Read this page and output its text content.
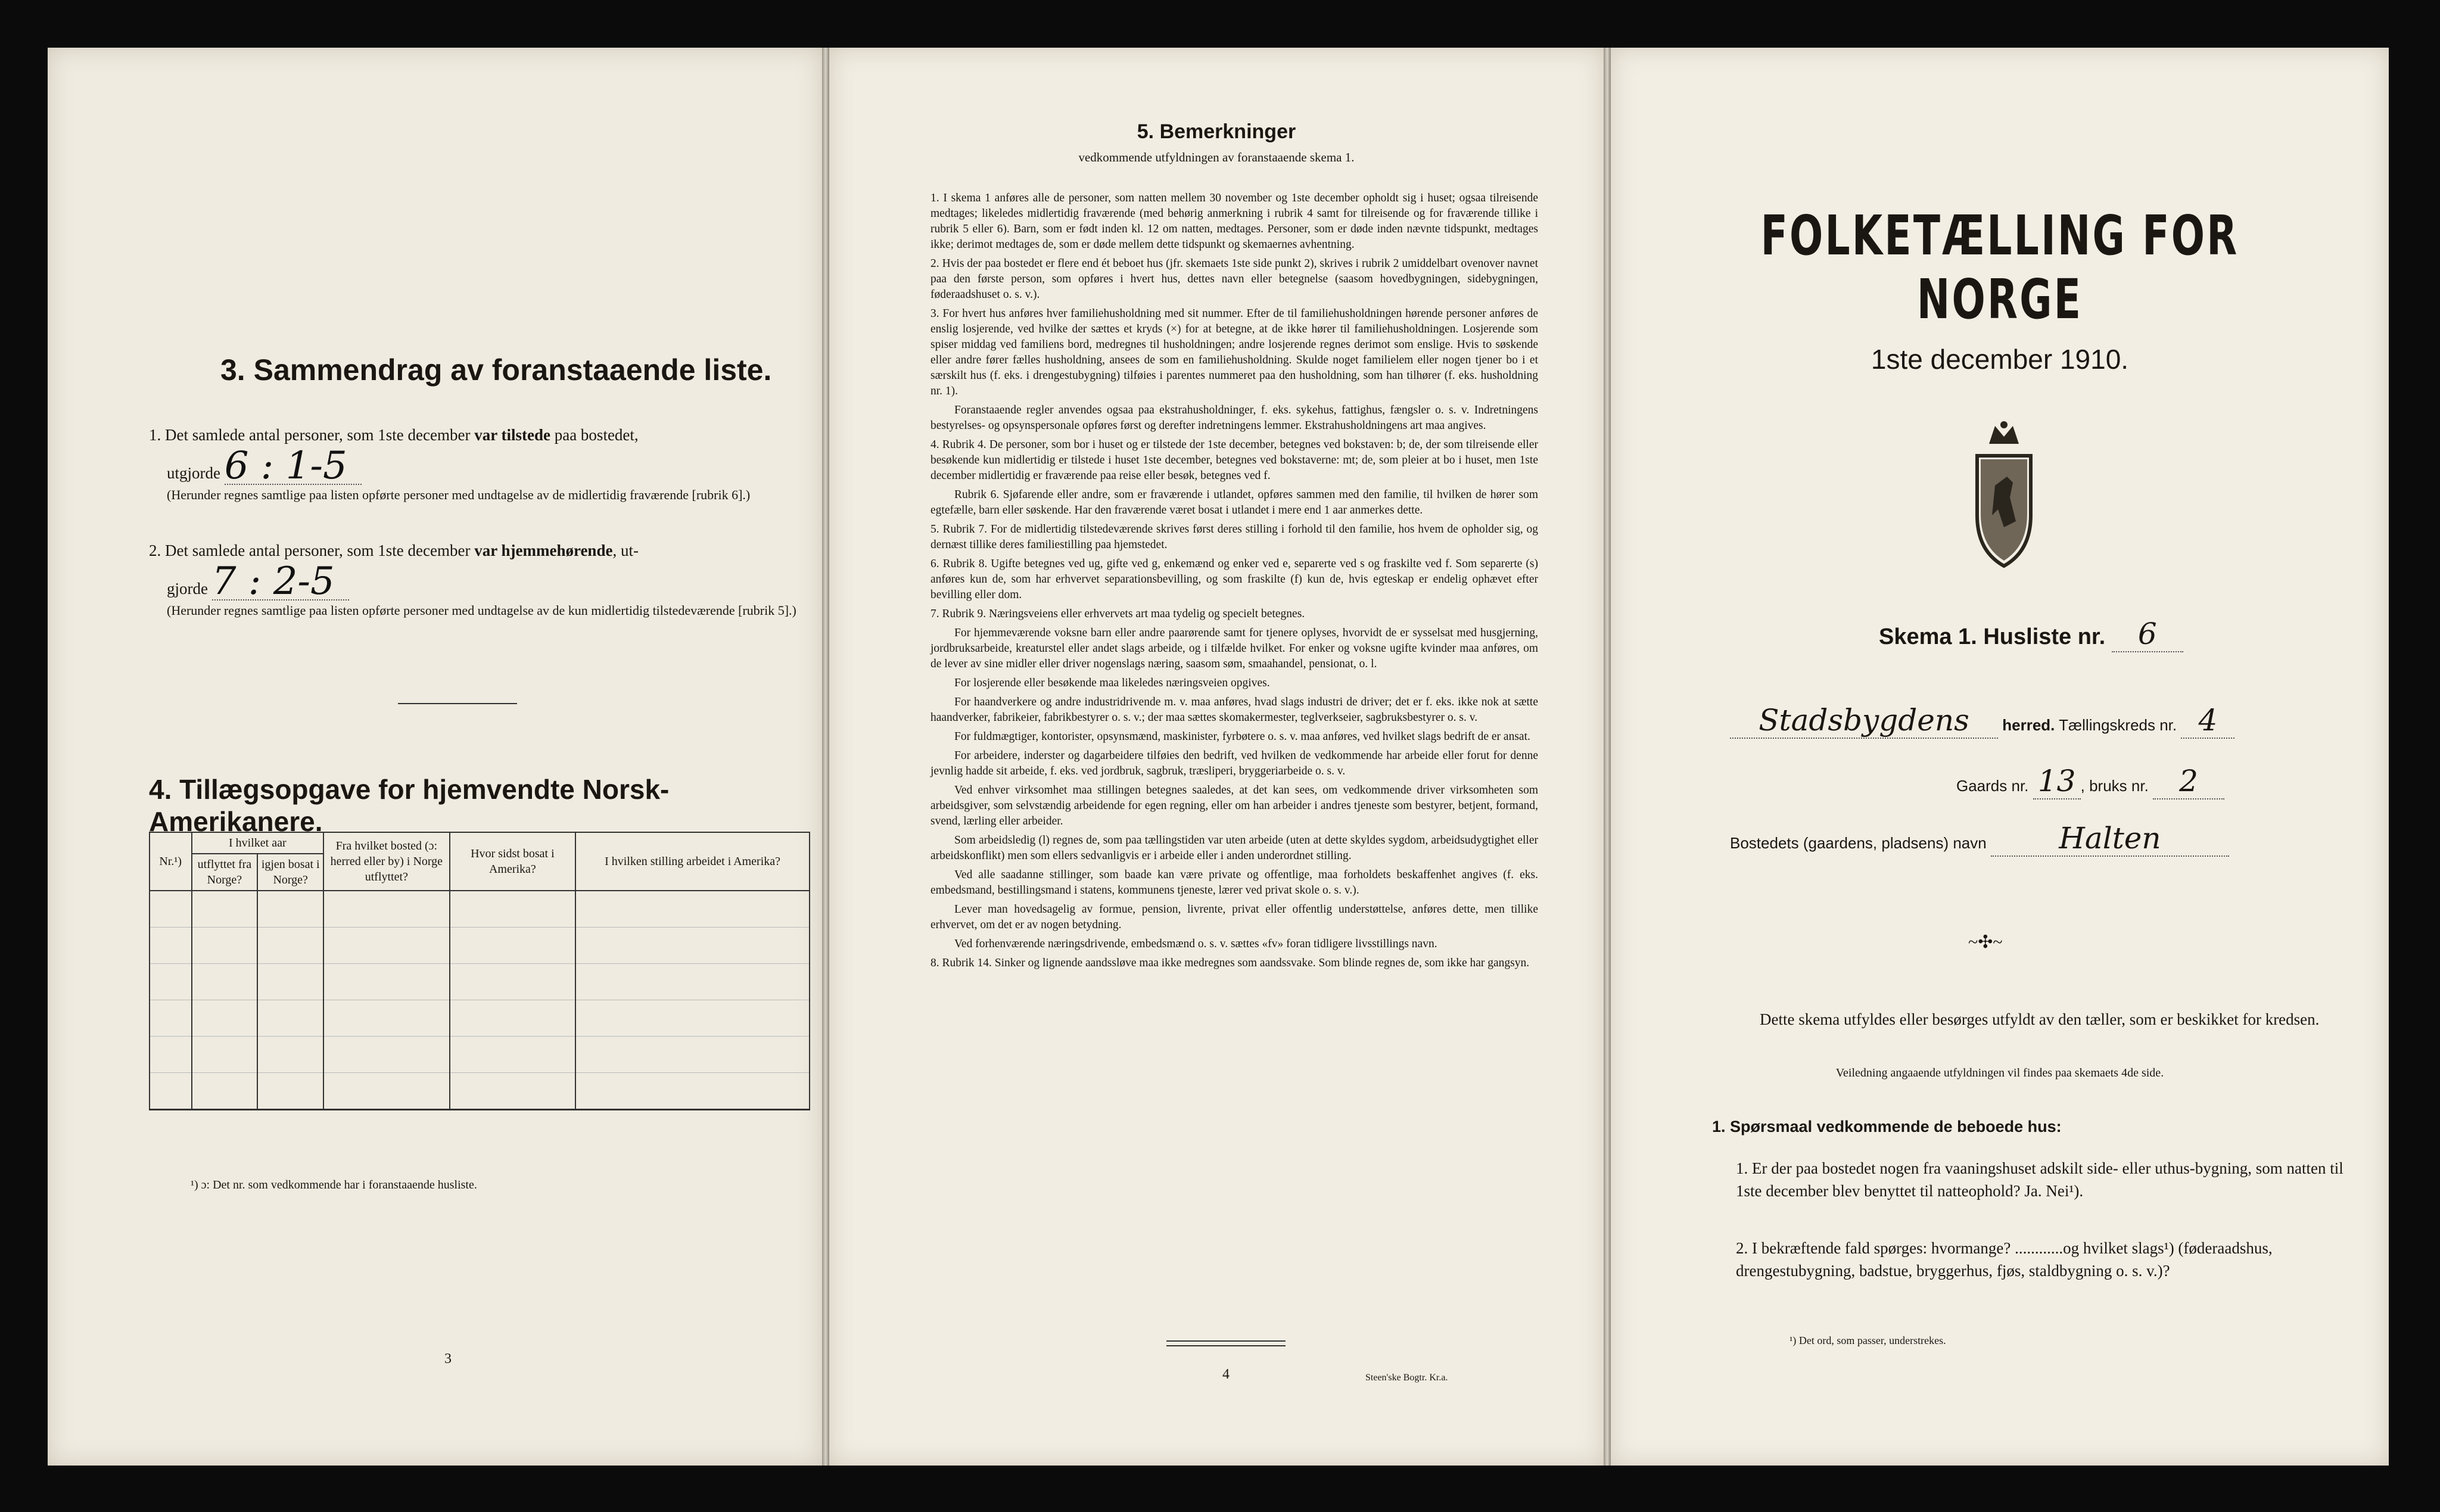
3. Sammendrag av foranstaaende liste.
1. Det samlede antal personer, som 1ste december var tilstede paa bostedet,
utgjorde 6 : 1-5
(Herunder regnes samtlige paa listen opførte personer med undtagelse av de midlertidig fraværende [rubrik 6].)
2. Det samlede antal personer, som 1ste december var hjemmehørende, ut-
gjorde 7 : 2-5
(Herunder regnes samtlige paa listen opførte personer med undtagelse av de kun midlertidig tilstedeværende [rubrik 5].)
4. Tillægsopgave for hjemvendte Norsk-Amerikanere.
Nr.¹)	I hvilket aar		Fra hvilket bosted (ɔ: herred eller by) i Norge utflyttet?	Hvor sidst bosat i Amerika?	I hvilken stilling arbeidet i Amerika?
	utflyttet fra Norge?	igjen bosat i Norge?			

¹) ɔ: Det nr. som vedkommende har i foranstaaende husliste.
3
5. Bemerkninger
vedkommende utfyldningen av foranstaaende skema 1.

1. I skema 1 anføres alle de personer, som natten mellem 30 november og 1ste december opholdt sig i huset; ogsaa tilreisende medtages; likeledes midlertidig fraværende (med behørig anmerkning i rubrik 4 samt for tilreisende og for fraværende tillike i rubrik 5 eller 6). Barn, som er født inden kl. 12 om natten, medtages. Personer, som er døde inden nævnte tidspunkt, medtages ikke; derimot medtages de, som er døde mellem dette tidspunkt og skemaernes avhentning.

2. Hvis der paa bostedet er flere end ét beboet hus (jfr. skemaets 1ste side punkt 2), skrives i rubrik 2 umiddelbart ovenover navnet paa den første person, som opføres i hvert hus, dettes navn eller betegnelse (saasom hovedbygningen, sidebygningen, føderaadshuset o. s. v.).

3. For hvert hus anføres hver familiehusholdning med sit nummer. Efter de til familiehusholdningen hørende personer anføres de enslig losjerende, ved hvilke der sættes et kryds (×) for at betegne, at de ikke hører til familiehusholdningen. Losjerende som spiser middag ved familiens bord, medregnes til husholdningen; andre losjerende regnes derimot som enslige. Hvis to søskende eller andre fører fælles husholdning, ansees de som en familiehusholdning. Skulde noget familielem eller nogen tjener bo i et særskilt hus (f. eks. i drengestubygning) tilføies i parentes nummeret paa den husholdning, som han tilhører (f. eks. husholdning nr. 1).

Foranstaaende regler anvendes ogsaa paa ekstrahusholdninger, f. eks. sykehus, fattighus, fængsler o. s. v. Indretningens bestyrelses- og opsynspersonale opføres først og derefter indretningens lemmer. Ekstrahusholdningens art maa angives.

4. Rubrik 4. De personer, som bor i huset og er tilstede der 1ste december, betegnes ved bokstaven: b; de, der som tilreisende eller besøkende kun midlertidig er tilstede i huset 1ste december, betegnes ved bokstaverne: mt; de, som pleier at bo i huset, men 1ste december midlertidig er fraværende paa reise eller besøk, betegnes ved f.

Rubrik 6. Sjøfarende eller andre, som er fraværende i utlandet, opføres sammen med den familie, til hvilken de hører som egtefælle, barn eller søskende. Har den fraværende været bosat i utlandet i mere end 1 aar anmerkes dette.

5. Rubrik 7. For de midlertidig tilstedeværende skrives først deres stilling i forhold til den familie, hos hvem de opholder sig, og dernæst tillike deres familiestilling paa hjemstedet.

6. Rubrik 8. Ugifte betegnes ved ug, gifte ved g, enkemænd og enker ved e, separerte ved s og fraskilte ved f. Som separerte (s) anføres kun de, som har erhvervet separationsbevilling, og som fraskilte (f) kun de, hvis egteskap er endelig ophævet efter bevilling eller dom.

7. Rubrik 9. Næringsveiens eller erhvervets art maa tydelig og specielt betegnes.

For hjemmeværende voksne barn eller andre paarørende samt for tjenere oplyses, hvorvidt de er sysselsat med husgjerning, jordbruksarbeide, kreaturstel eller andet slags arbeide, og i tilfælde hvilket. For enker og voksne ugifte kvinder maa anføres, om de lever av sine midler eller driver nogenslags næring, saasom søm, smaahandel, pensionat, o. l.

For losjerende eller besøkende maa likeledes næringsveien opgives.

For haandverkere og andre industridrivende m. v. maa anføres, hvad slags industri de driver; det er f. eks. ikke nok at sætte haandverker, fabrikeier, fabrikbestyrer o. s. v.; der maa sættes skomakermester, teglverkseier, sagbruksbestyrer o. s. v.

For fuldmægtiger, kontorister, opsynsmænd, maskinister, fyrbøtere o. s. v. maa anføres, ved hvilket slags bedrift de er ansat.

For arbeidere, inderster og dagarbeidere tilføies den bedrift, ved hvilken de vedkommende har arbeide eller forut for denne jevnlig hadde sit arbeide, f. eks. ved jordbruk, sagbruk, træsliperi, bryggeriarbeide o. s. v.

Ved enhver virksomhet maa stillingen betegnes saaledes, at det kan sees, om vedkommende driver virksomheten som arbeidsgiver, som selvstændig arbeidende for egen regning, eller om han arbeider i andres tjeneste som bestyrer, betjent, formand, svend, lærling eller arbeider.

Som arbeidsledig (l) regnes de, som paa tællingstiden var uten arbeide (uten at dette skyldes sygdom, arbeidsudygtighet eller arbeidskonflikt) men som ellers sedvanligvis er i arbeide eller i anden underordnet stilling.

Ved alle saadanne stillinger, som baade kan være private og offentlige, maa forholdets beskaffenhet angives (f. eks. embedsmand, bestillingsmand i statens, kommunens tjeneste, lærer ved privat skole o. s. v.).

Lever man hovedsagelig av formue, pension, livrente, privat eller offentlig understøttelse, anføres dette, men tillike erhvervet, om det er av nogen betydning.

Ved forhenværende næringsdrivende, embedsmænd o. s. v. sættes «fv» foran tidligere livsstillings navn.

8. Rubrik 14. Sinker og lignende aandssløve maa ikke medregnes som aandssvake. Som blinde regnes de, som ikke har gangsyn.

4	Steen'ske Bogtr. Kr.a.
FOLKETÆLLING FOR NORGE
1ste december 1910.
Skema 1. Husliste nr. 6
Stadsbygdens herred. Tællingskreds nr. 4
Gaards nr. 13 , bruks nr. 2
Bostedets (gaardens, pladsens) navn Halten
~✣~
Dette skema utfyldes eller besørges utfyldt av den tæller, som er beskikket for kredsen.
Veiledning angaaende utfyldningen vil findes paa skemaets 4de side.
1. Spørsmaal vedkommende de beboede hus:
1. Er der paa bostedet nogen fra vaaningshuset adskilt side- eller uthus-bygning, som natten til 1ste december blev benyttet til natteophold? Ja. Nei¹).
2. I bekræftende fald spørges: hvormange? ............og hvilket slags¹) (føderaadshus, drengestubygning, badstue, bryggerhus, fjøs, staldbygning o. s. v.)?
¹) Det ord, som passer, understrekes.
